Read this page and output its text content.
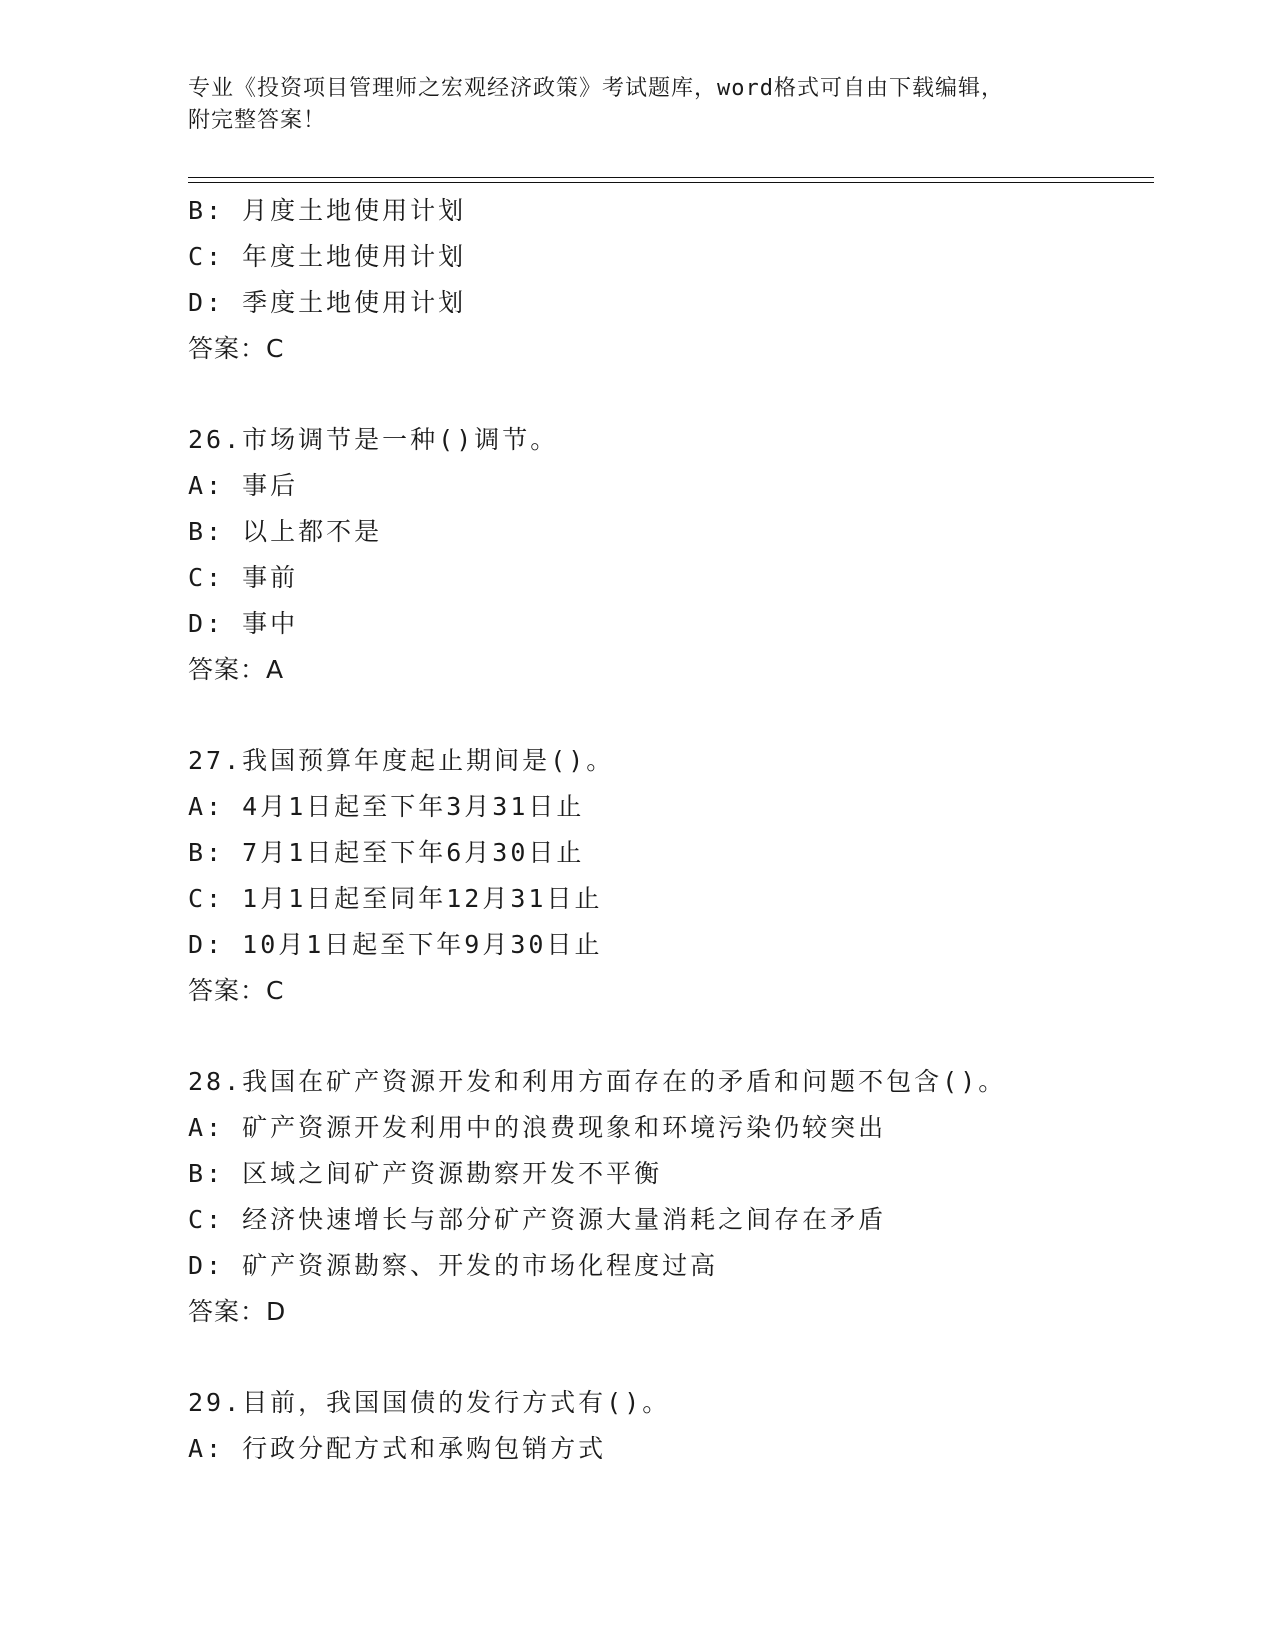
专业《投资项目管理师之宏观经济政策》考试题库，word格式可自由下载编辑，
附完整答案！
B: 月度土地使用计划
C: 年度土地使用计划
D: 季度土地使用计划
答案：C
26.市场调节是一种()调节。
A: 事后
B: 以上都不是
C: 事前
D: 事中
答案：A
27.我国预算年度起止期间是()。
A: 4月1日起至下年3月31日止
B: 7月1日起至下年6月30日止
C: 1月1日起至同年12月31日止
D: 10月1日起至下年9月30日止
答案：C
28.我国在矿产资源开发和利用方面存在的矛盾和问题不包含()。
A: 矿产资源开发利用中的浪费现象和环境污染仍较突出
B: 区域之间矿产资源勘察开发不平衡
C: 经济快速增长与部分矿产资源大量消耗之间存在矛盾
D: 矿产资源勘察、开发的市场化程度过高
答案：D
29.目前，我国国债的发行方式有()。
A: 行政分配方式和承购包销方式
